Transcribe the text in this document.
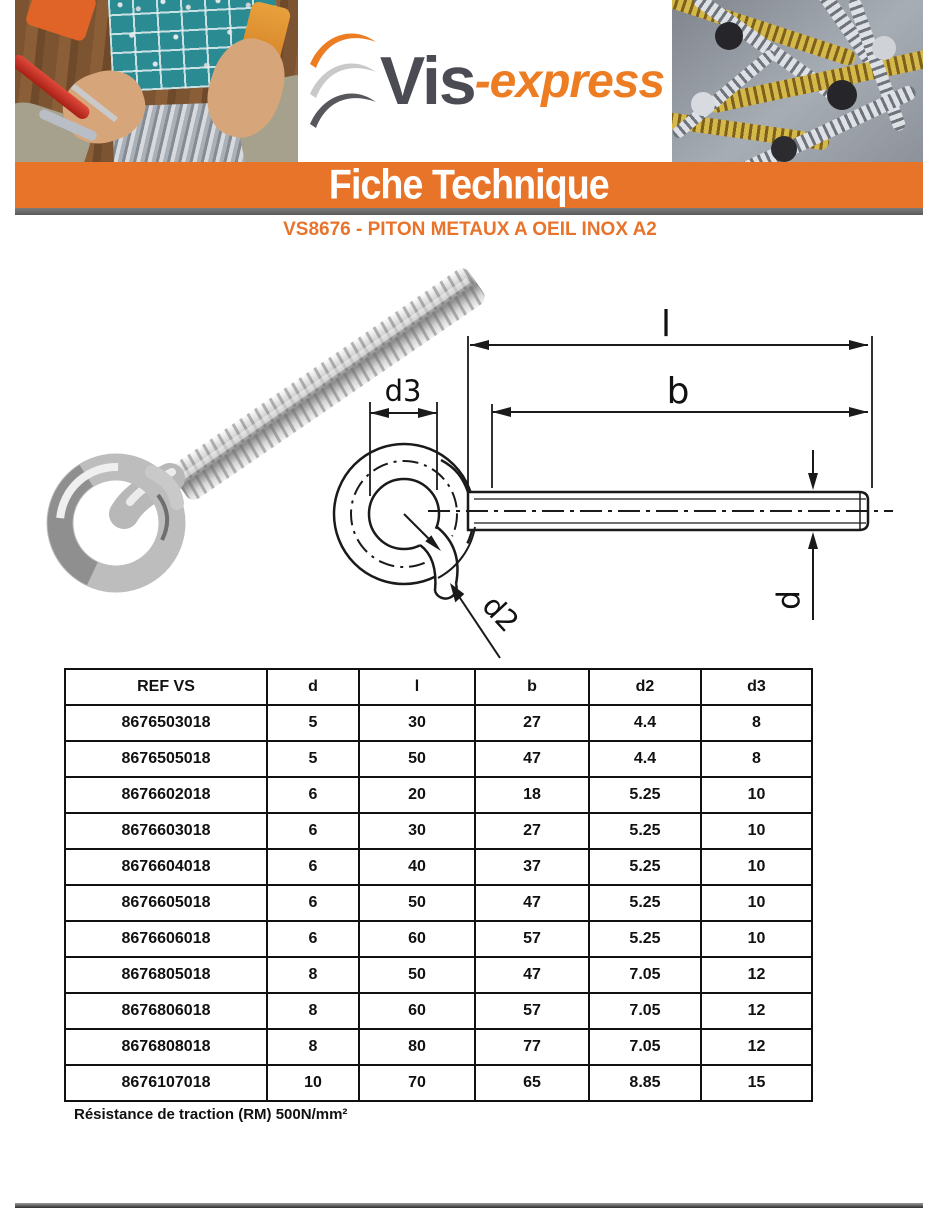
Vis -express
Fiche Technique
VS8676 - PITON METAUX A OEIL INOX A2
l
b
d3
d2	d
REF VS	d	l	b	d2	d3
8676503018	5	30	27	4.4	8
8676505018	5	50	47	4.4	8
8676602018	6	20	18	5.25	10
8676603018	6	30	27	5.25	10
8676604018	6	40	37	5.25	10
8676605018	6	50	47	5.25	10
8676606018	6	60	57	5.25	10
8676805018	8	50	47	7.05	12
8676806018	8	60	57	7.05	12
8676808018	8	80	77	7.05	12
8676107018	10	70	65	8.85	15
Résistance de traction (RM) 500N/mm²
